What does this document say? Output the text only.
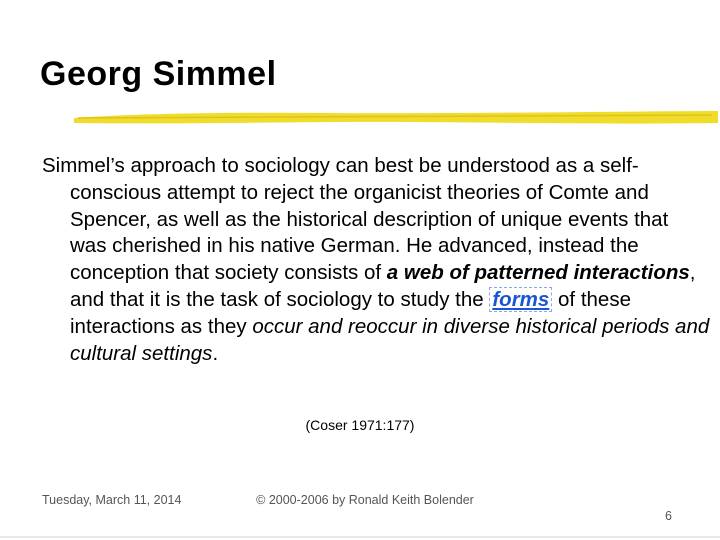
Georg Simmel
Simmel’s approach to sociology can best be understood as a self-conscious attempt to reject the organicist theories of Comte and Spencer, as well as the historical description of unique events that was cherished in his native German. He advanced, instead the conception that society consists of a web of patterned interactions, and that it is the task of sociology to study the forms of these interactions as they occur and reoccur in diverse historical periods and cultural settings.
(Coser 1971:177)
Tuesday, March 11, 2014	© 2000-2006 by Ronald Keith Bolender
6
